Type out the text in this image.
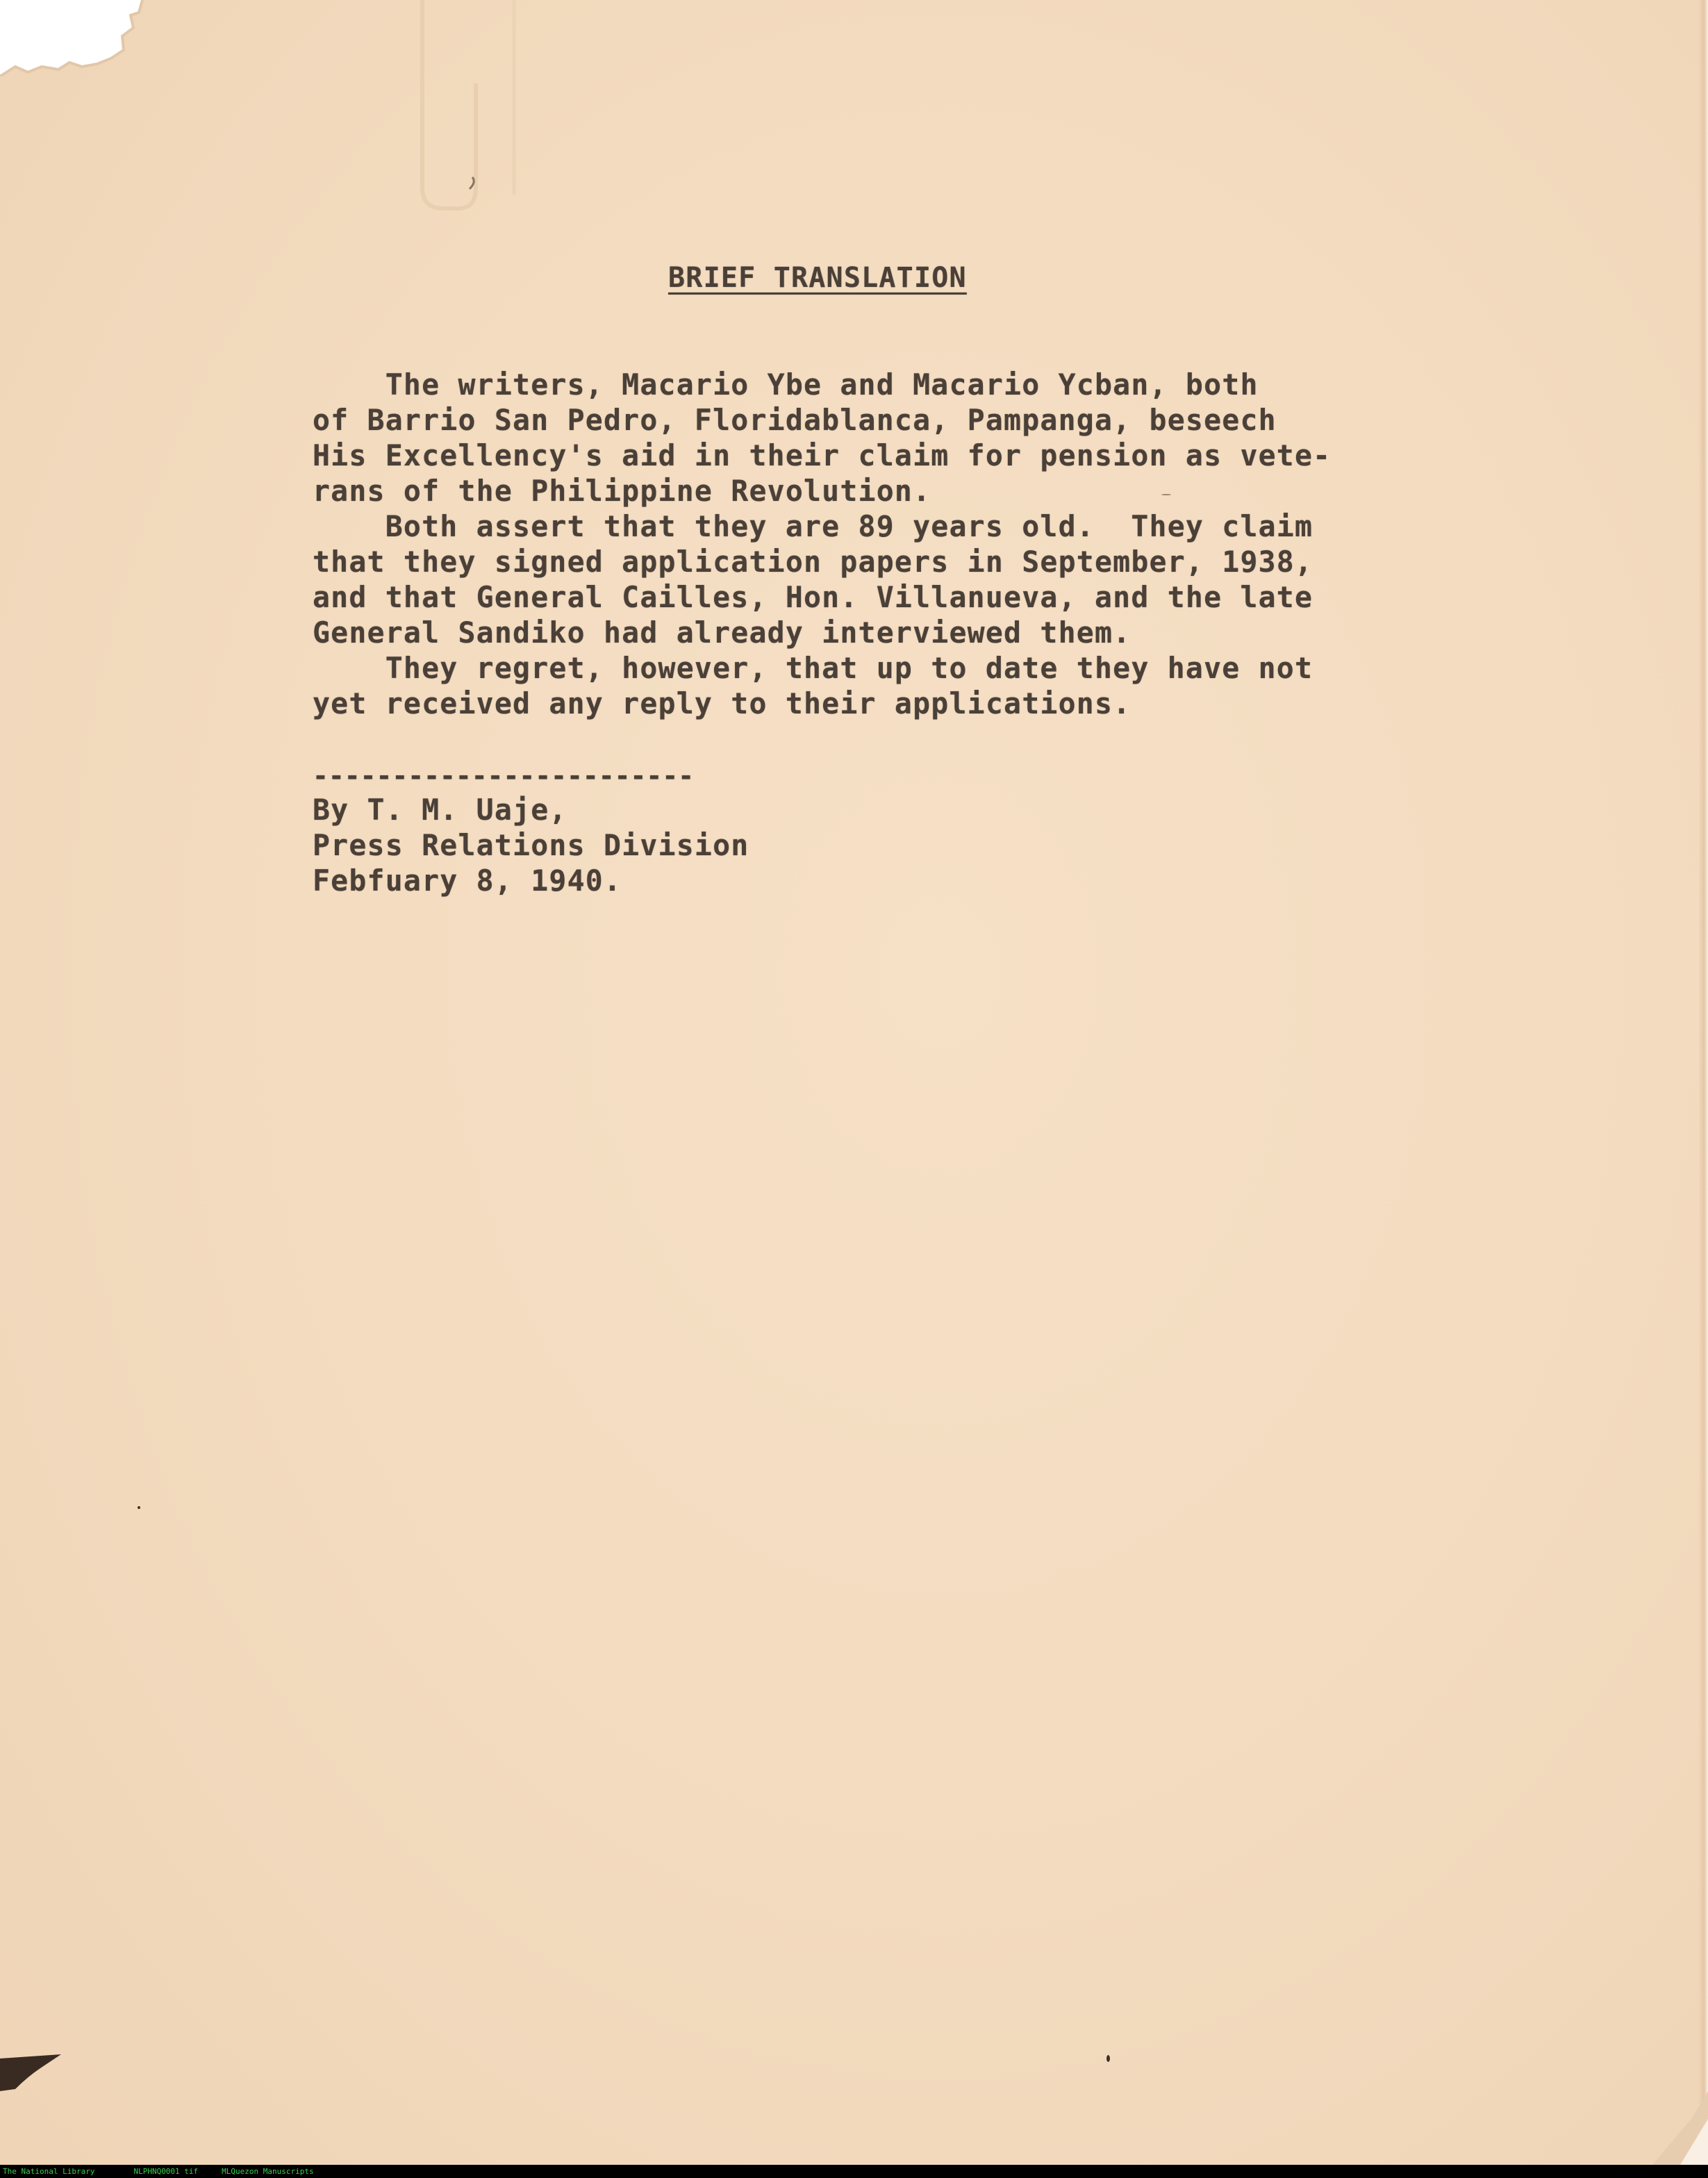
BRIEF TRANSLATION
The writers, Macario Ybe and Macario Ycban, both
of Barrio San Pedro, Floridablanca, Pampanga, beseech
His Excellency's aid in their claim for pension as vete-
rans of the Philippine Revolution.
Both assert that they are 89 years old.  They claim
that they signed application papers in September, 1938,
and that General Cailles, Hon. Villanueva, and the late
General Sandiko had already interviewed them.
They regret, however, that up to date they have not
yet received any reply to their applications.
------------------------
By T. M. Uaje,
Press Relations Division
Febfuary 8, 1940.
The National Library	NLPHNQ0001 tif	MLQuezon Manuscripts
